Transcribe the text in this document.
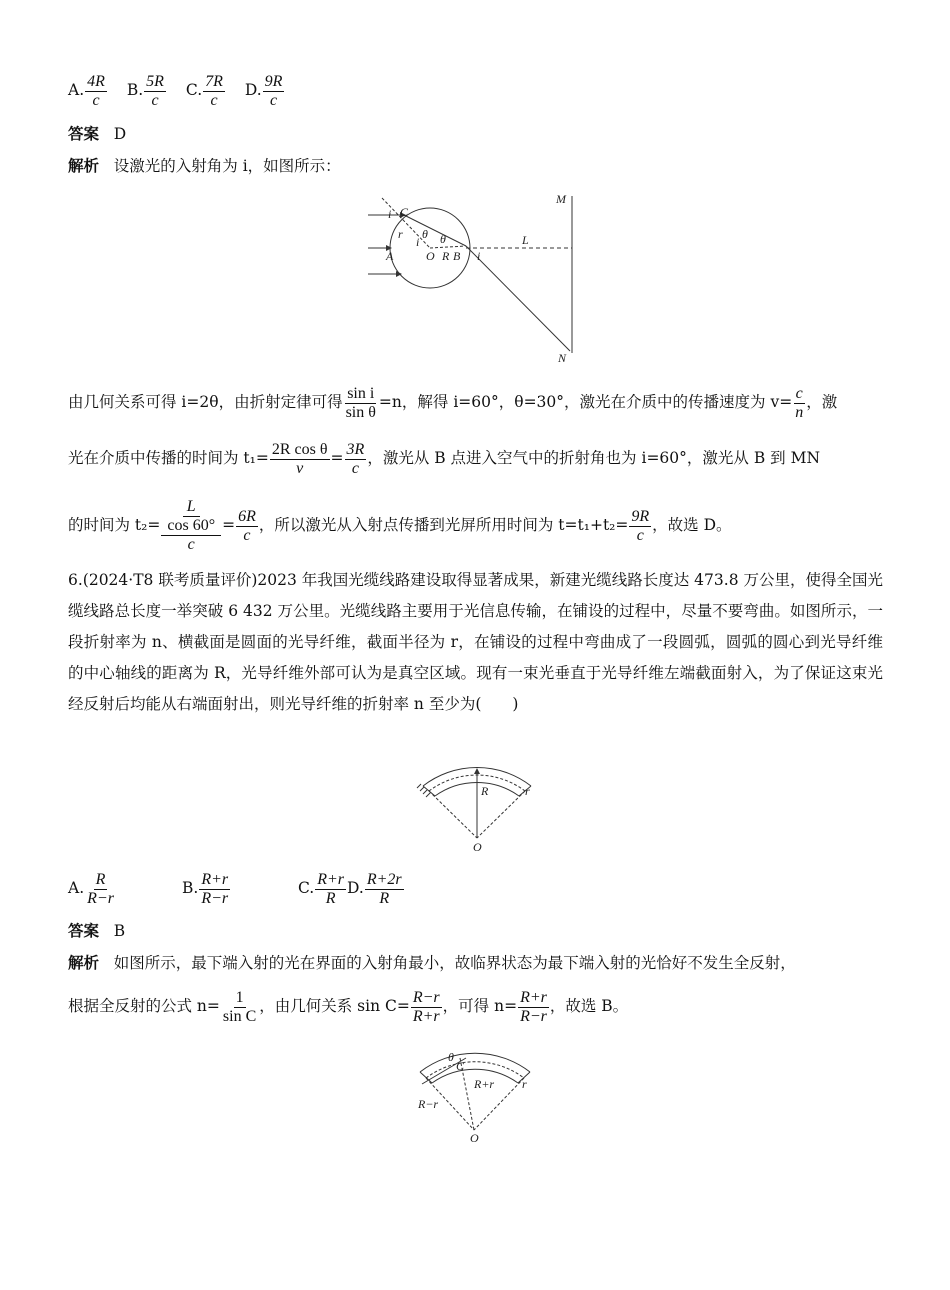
A. $\frac{4R}{c} B$. $\frac{5R}{c} C$. $\frac{7R}{c} D$. $\frac{9R}{c}$
答案 D
解析 设激光的入射角为 i，如图所示：
M
N
C
i
r
i
θ θ
A	O R B i
L
由几何关系可得 i=2θ，由折射定律可得 $\frac{\text{sin i}}{\text{sin θ}} =n$，解得 i=60°，θ=30°，激光在介质中的传播速度为 $v= \frac{c}{n}$ ，激
光在介质中传播的时间为 $t_1= \frac{\text{2R cos θ}}{v} = \frac{3R}{c}$ ，激光从 B 点进入空气中的折射角也为 i=60°，激光从 B 到 MN
的时间为 $t_2= \frac{\frac{L}{\cos 60^\circ}}{c} = \frac{6R}{c}$ ，所以激光从入射点传播到光屏所用时间为 $t=t_1+t_2= \frac{9R}{c}$ ，故选 D。
6.(2024·T8 联考质量评价)2023 年我国光缆线路建设取得显著成果，新建光缆线路长度达 473.8 万公里，使得全国光缆线路总长度一举突破 6 432 万公里。光缆线路主要用于光信息传输，在铺设的过程中，尽量不要弯曲。如图所示，一段折射率为 n、横截面是圆面的光导纤维，截面半径为 r，在铺设的过程中弯曲成了一段圆弧，圆弧的圆心到光导纤维的中心轴线的距离为 R，光导纤维外部可认为是真空区域。现有一束光垂直于光导纤维左端截面射入，为了保证这束光经反射后均能从右端面射出，则光导纤维的折射率 n 至少为(　　)
R	r
O
A. $\frac{R}{R-r}$	B. $\frac{R+r}{R-r}$	C. $\frac{R+r}{R} D$. $\frac{R+2r}{R}$
答案 B
解析 如图所示，最下端入射的光在界面的入射角最小，故临界状态为最下端入射的光恰好不发生全反射，
根据全反射的公式 $n= \frac{1}{\text{sin C}}$ ，由几何关系 $\sin C= \frac{R-r}{R+r}$ ，可得 $n= \frac{R+r}{R-r}$ ，故选 B。
θ
C
R+r r
R−r
O
